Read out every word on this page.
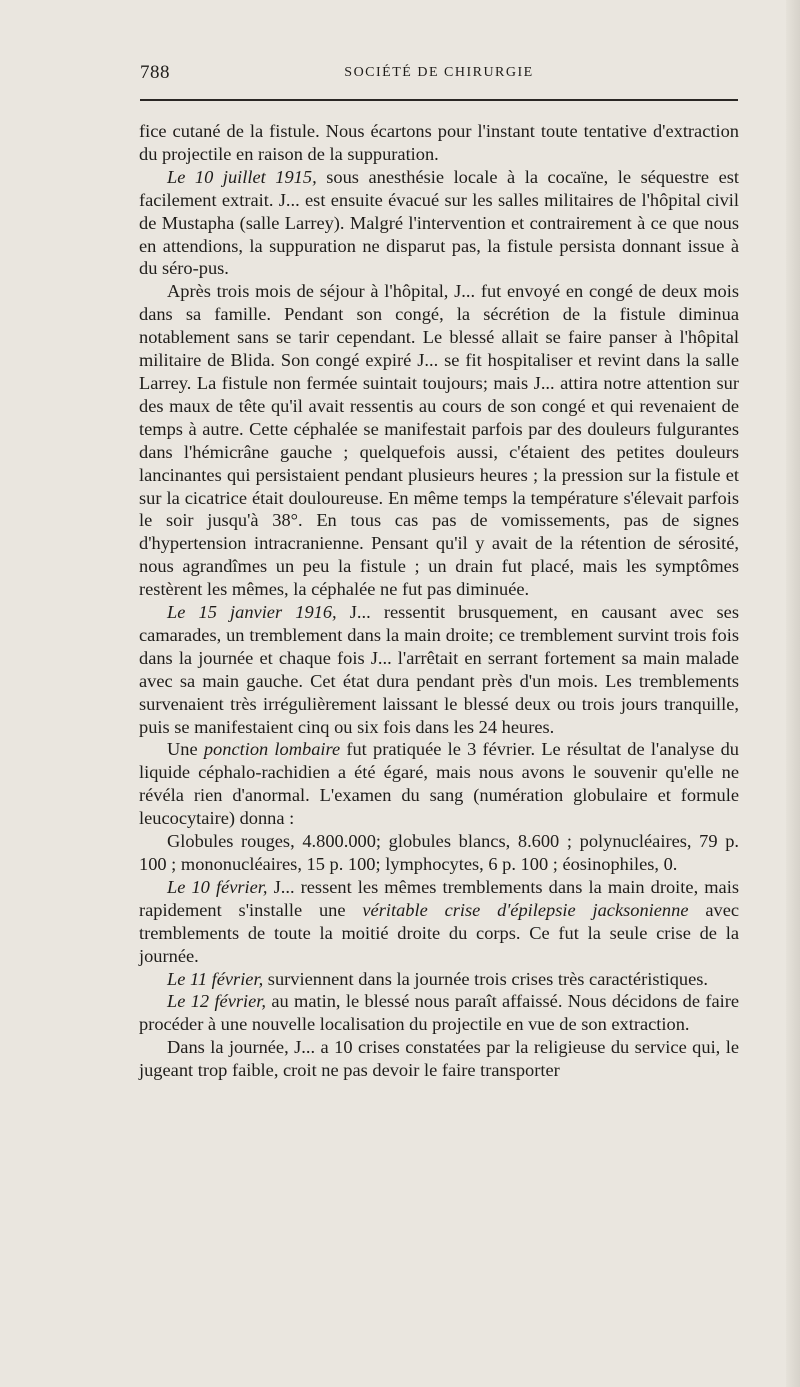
788	SOCIÉTÉ DE CHIRURGIE

fice cutané de la fistule. Nous écartons pour l'instant toute tentative d'extraction du projectile en raison de la suppuration.

Le 10 juillet 1915, sous anesthésie locale à la cocaïne, le séquestre est facilement extrait. J... est ensuite évacué sur les salles militaires de l'hôpital civil de Mustapha (salle Larrey). Malgré l'intervention et contrairement à ce que nous en attendions, la suppuration ne disparut pas, la fistule persista donnant issue à du séro-pus.

Après trois mois de séjour à l'hôpital, J... fut envoyé en congé de deux mois dans sa famille. Pendant son congé, la sécrétion de la fistule diminua notablement sans se tarir cependant. Le blessé allait se faire panser à l'hôpital militaire de Blida. Son congé expiré J... se fit hospitaliser et revint dans la salle Larrey. La fistule non fermée suintait toujours; mais J... attira notre attention sur des maux de tête qu'il avait ressentis au cours de son congé et qui revenaient de temps à autre. Cette céphalée se manifestait parfois par des douleurs fulgurantes dans l'hémicrâne gauche ; quelquefois aussi, c'étaient des petites douleurs lancinantes qui persistaient pendant plusieurs heures ; la pression sur la fistule et sur la cicatrice était douloureuse. En même temps la température s'élevait parfois le soir jusqu'à 38°. En tous cas pas de vomissements, pas de signes d'hypertension intracranienne. Pensant qu'il y avait de la rétention de sérosité, nous agrandîmes un peu la fistule ; un drain fut placé, mais les symptômes restèrent les mêmes, la céphalée ne fut pas diminuée.

Le 15 janvier 1916, J... ressentit brusquement, en causant avec ses camarades, un tremblement dans la main droite; ce tremblement survint trois fois dans la journée et chaque fois J... l'arrêtait en serrant fortement sa main malade avec sa main gauche. Cet état dura pendant près d'un mois. Les tremblements survenaient très irrégulièrement laissant le blessé deux ou trois jours tranquille, puis se manifestaient cinq ou six fois dans les 24 heures.

Une ponction lombaire fut pratiquée le 3 février. Le résultat de l'analyse du liquide céphalo-rachidien a été égaré, mais nous avons le souvenir qu'elle ne révéla rien d'anormal. L'examen du sang (numération globulaire et formule leucocytaire) donna :

Globules rouges, 4.800.000; globules blancs, 8.600 ; polynucléaires, 79 p. 100 ; mononucléaires, 15 p. 100; lymphocytes, 6 p. 100 ; éosinophiles, 0.

Le 10 février, J... ressent les mêmes tremblements dans la main droite, mais rapidement s'installe une véritable crise d'épilepsie jacksonienne avec tremblements de toute la moitié droite du corps. Ce fut la seule crise de la journée.

Le 11 février, surviennent dans la journée trois crises très caractéristiques.

Le 12 février, au matin, le blessé nous paraît affaissé. Nous décidons de faire procéder à une nouvelle localisation du projectile en vue de son extraction.

Dans la journée, J... a 10 crises constatées par la religieuse du service qui, le jugeant trop faible, croit ne pas devoir le faire transporter
